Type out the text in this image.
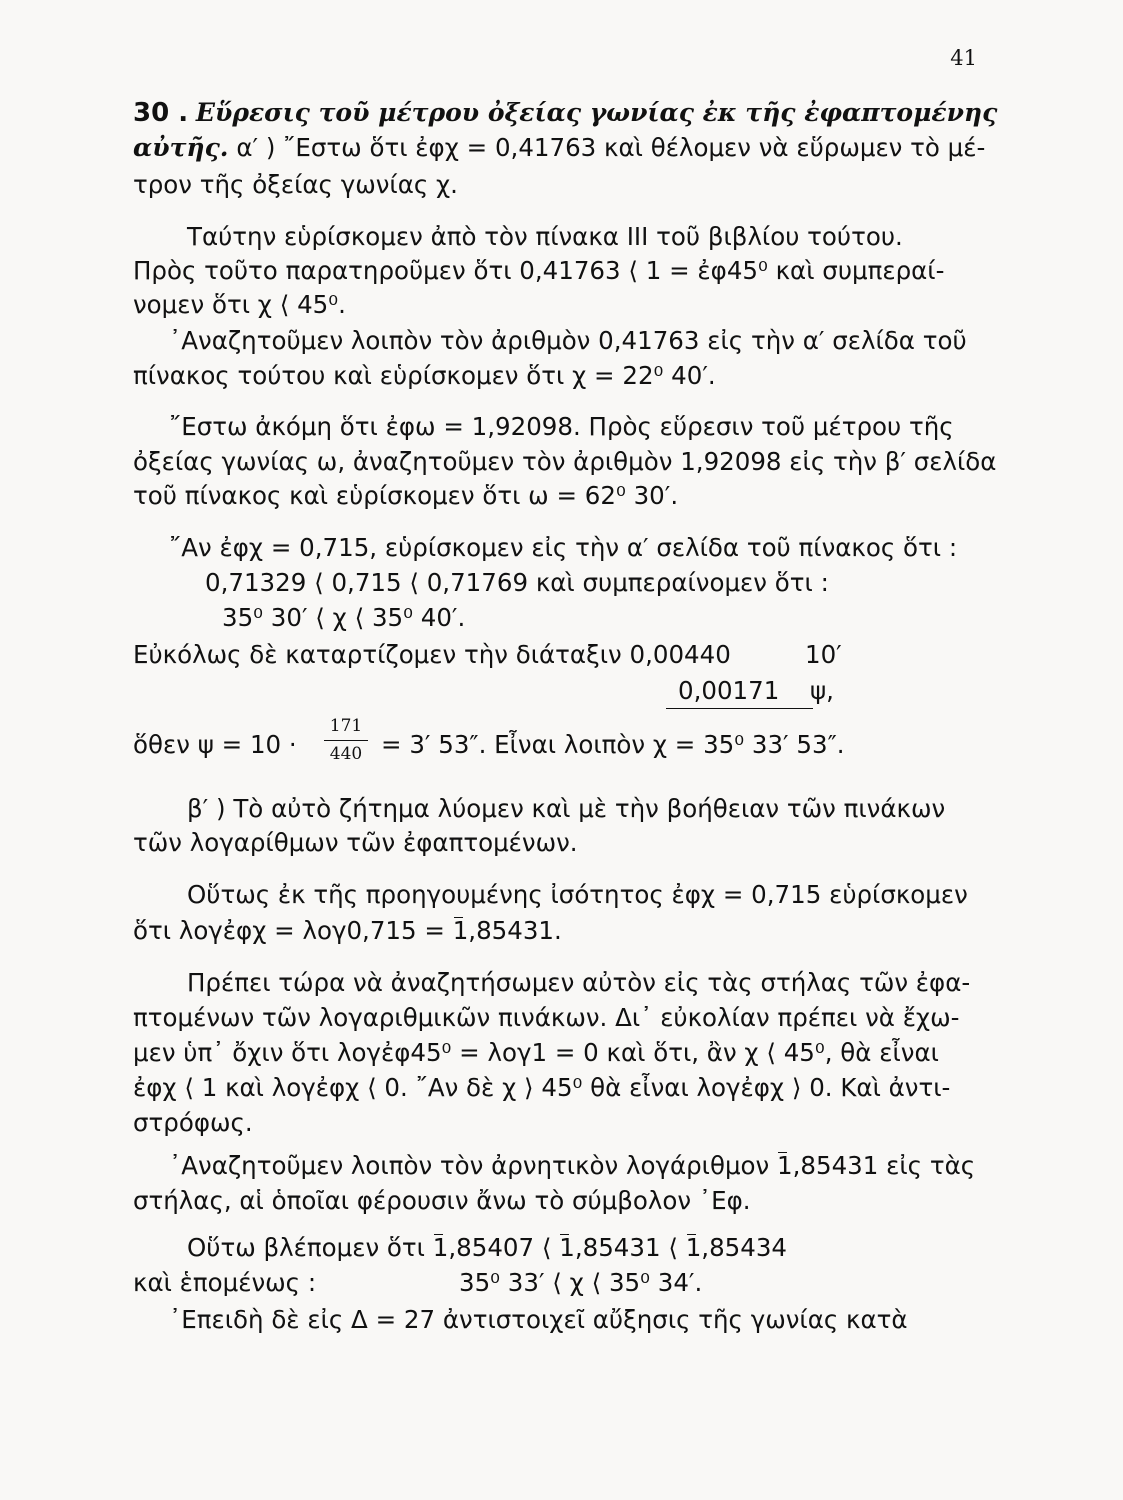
41
30 . Εὕρεσις τοῦ μέτρου ὀξείας γωνίας ἐκ τῆς ἐφαπτομένης
αὐτῆς. α′ ) ῎Εστω ὅτι ἐφχ = 0,41763 καὶ θέλομεν νὰ εὕρωμεν τὸ μέ-
τρον τῆς ὀξείας γωνίας χ.
Ταύτην εὑρίσκομεν ἀπὸ τὸν πίνακα III τοῦ βιβλίου τούτου.
Πρὸς τοῦτο παρατηροῦμεν ὅτι 0,41763 ⟨ 1 = ἐφ45⁰ καὶ συμπεραί-
νομεν ὅτι χ ⟨ 45⁰.
᾽Αναζητοῦμεν λοιπὸν τὸν ἀριθμὸν 0,41763 εἰς τὴν α′ σελίδα τοῦ
πίνακος τούτου καὶ εὑρίσκομεν ὅτι χ = 22⁰ 40′.
῎Εστω ἀκόμη ὅτι ἐφω = 1,92098. Πρὸς εὕρεσιν τοῦ μέτρου τῆς
ὀξείας γωνίας ω, ἀναζητοῦμεν τὸν ἀριθμὸν 1,92098 εἰς τὴν β′ σελίδα
τοῦ πίνακος καὶ εὑρίσκομεν ὅτι ω = 62⁰ 30′.
῎Αν ἐφχ = 0,715, εὑρίσκομεν εἰς τὴν α′ σελίδα τοῦ πίνακος ὅτι :
0,71329 ⟨ 0,715 ⟨ 0,71769 καὶ συμπεραίνομεν ὅτι :
35⁰ 30′ ⟨ χ ⟨ 35⁰ 40′.
Εὐκόλως δὲ καταρτίζομεν τὴν διάταξιν 0,00440	10′
0,00171 ψ,
ὅθεν ψ = 10 ·
171
440 = 3′ 53″. Εἶναι λοιπὸν χ = 35⁰ 33′ 53″.
β′ ) Τὸ αὐτὸ ζήτημα λύομεν καὶ μὲ τὴν βοήθειαν τῶν πινάκων
τῶν λογαρίθμων τῶν ἐφαπτομένων.
Οὕτως ἐκ τῆς προηγουμένης ἰσότητος ἐφχ = 0,715 εὑρίσκομεν
ὅτι λογἐφχ = λογ0,715 = 1,85431.
Πρέπει τώρα νὰ ἀναζητήσωμεν αὐτὸν εἰς τὰς στήλας τῶν ἐφα-
πτομένων τῶν λογαριθμικῶν πινάκων. Δι᾽ εὐκολίαν πρέπει νὰ ἔχω-
μεν ὑπ᾽ ὄχιν ὅτι λογἐφ45⁰ = λογ1 = 0 καὶ ὅτι, ἂν χ ⟨ 45⁰, θὰ εἶναι
ἐφχ ⟨ 1 καὶ λογἐφχ ⟨ 0. ῎Αν δὲ χ ⟩ 45⁰ θὰ εἶναι λογἐφχ ⟩ 0. Καὶ ἀντι-
στρόφως.
᾽Αναζητοῦμεν λοιπὸν τὸν ἀρνητικὸν λογάριθμον 1,85431 εἰς τὰς
στήλας, αἱ ὁποῖαι φέρουσιν ἄνω τὸ σύμβολον ᾽Εφ.
Οὕτω βλέπομεν ὅτι 1,85407 ⟨ 1,85431 ⟨ 1,85434
καὶ ἑπομένως :	35⁰ 33′ ⟨ χ ⟨ 35⁰ 34′.
᾽Επειδὴ δὲ εἰς Δ = 27 ἀντιστοιχεῖ αὔξησις τῆς γωνίας κατὰ
